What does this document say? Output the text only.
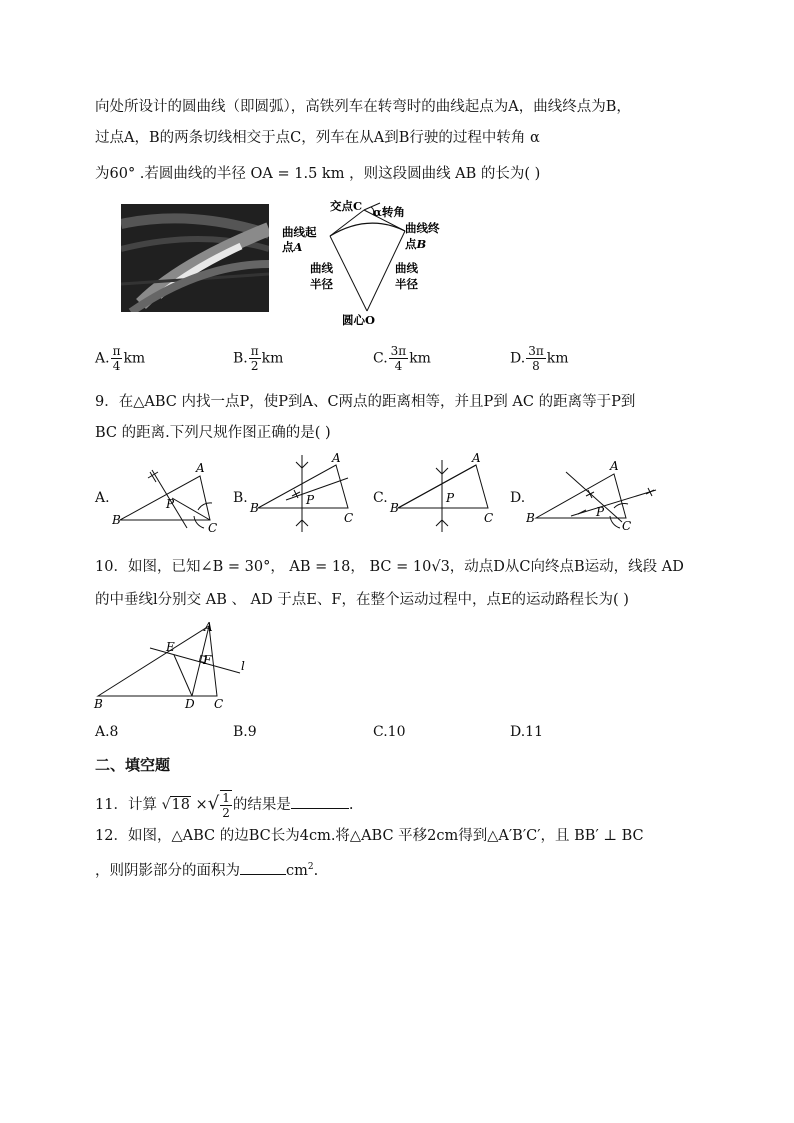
向处所设计的圆曲线（即圆弧），高铁列车在转弯时的曲线起点为A，曲线终点为B，
过点A，B的两条切线相交于点C，列车在从A到B行驶的过程中转角 α
为60° .若圆曲线的半径 OA = 1.5 km ，则这段圆曲线 AB 的长为( )
交点C α转角
曲线起
点A
曲线终
点B
曲线
半径
曲线
半径
圆心O
A. $\frac{\pi}{4}$ km	B. $\frac{\pi}{2}$ km	C. $\frac{3\pi}{4}$ km	D. $\frac{3\pi}{8}$ km
9．在△ABC 内找一点P，使P到A、C两点的距离相等，并且P到 AC 的距离等于P到
BC 的距离.下列尺规作图正确的是( )
A.
A
B
C
P	B.
A
B
C
P	C.
A
B
C
P	D.
A
B
C
P
10．如图，已知∠B = 30°， AB = 18， BC = 10√3，动点D从C向终点B运动，线段 AD
的中垂线l分别交 AB 、 AD 于点E、F，在整个运动过程中，点E的运动路程长为( )
A
B	C
D
E
F l
A.8	B.9	C.10	D.11
二、填空题
11．计算 √18 ×√ $\frac{1}{2}$ 的结果是	.
12．如图，△ABC 的边BC长为4cm.将△ABC 平移2cm得到△A′B′C′，且 BB′ ⊥ BC
，则阴影部分的面积为	$cm^2$.
